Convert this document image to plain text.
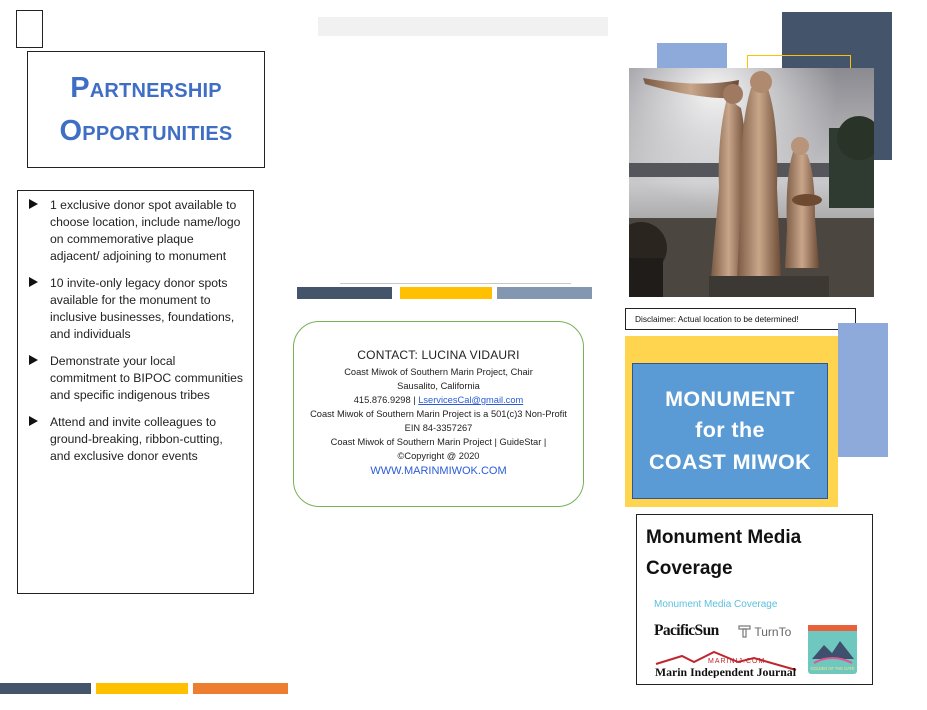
Partnership
Opportunities
1 exclusive donor spot available to choose location, include name/logo on commemorative plaque adjacent/ adjoining to monument
10 invite-only legacy donor spots available for the monument to inclusive businesses, foundations, and individuals
Demonstrate your local commitment to BIPOC communities and specific indigenous tribes
Attend and invite colleagues to ground-breaking, ribbon-cutting, and exclusive donor events
CONTACT: LUCINA VIDAURI
Coast Miwok of Southern Marin Project, Chair
Sausalito, California
415.876.9298 | LservicesCal@gmail.com
Coast Miwok of Southern Marin Project is a 501(c)3 Non-Profit
EIN 84-3357267
Coast Miwok of Southern Marin Project | GuideStar |
©Copyright @ 2020
WWW.MARINMIWOK.COM
Disclaimer: Actual location to be determined!
MONUMENT
for the
COAST MIWOK
Monument Media
Coverage
Monument Media Coverage
PacificSun	TurnTo
MARINIJ.COM
Marin Independent Journal	GOLDEN OF THE GATE
